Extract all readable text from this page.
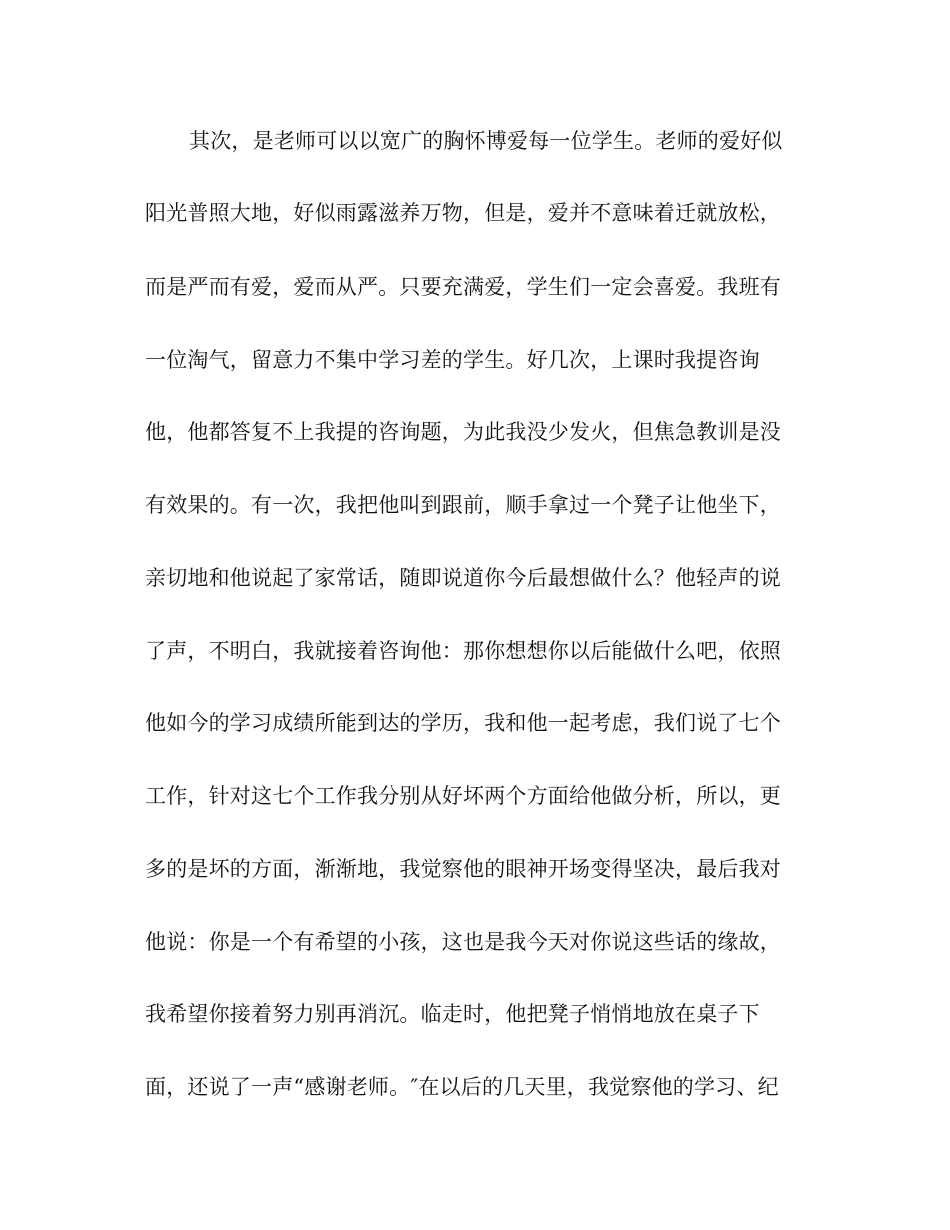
其次，是老师可以以宽广的胸怀博爱每一位学生。老师的爱好似
阳光普照大地，好似雨露滋养万物，但是，爱并不意味着迁就放松，
而是严而有爱，爱而从严。只要充满爱，学生们一定会喜爱。我班有
一位淘气，留意力不集中学习差的学生。好几次，上课时我提咨询
他，他都答复不上我提的咨询题，为此我没少发火，但焦急教训是没
有效果的。有一次，我把他叫到跟前，顺手拿过一个凳子让他坐下，
亲切地和他说起了家常话，随即说道你今后最想做什么？他轻声的说
了声，不明白，我就接着咨询他：那你想想你以后能做什么吧，依照
他如今的学习成绩所能到达的学历，我和他一起考虑，我们说了七个
工作，针对这七个工作我分别从好坏两个方面给他做分析，所以，更
多的是坏的方面，渐渐地，我觉察他的眼神开场变得坚决，最后我对
他说：你是一个有希望的小孩，这也是我今天对你说这些话的缘故，
我希望你接着努力别再消沉。临走时，他把凳子悄悄地放在桌子下
面，还说了一声“感谢老师。″在以后的几天里，我觉察他的学习、纪
